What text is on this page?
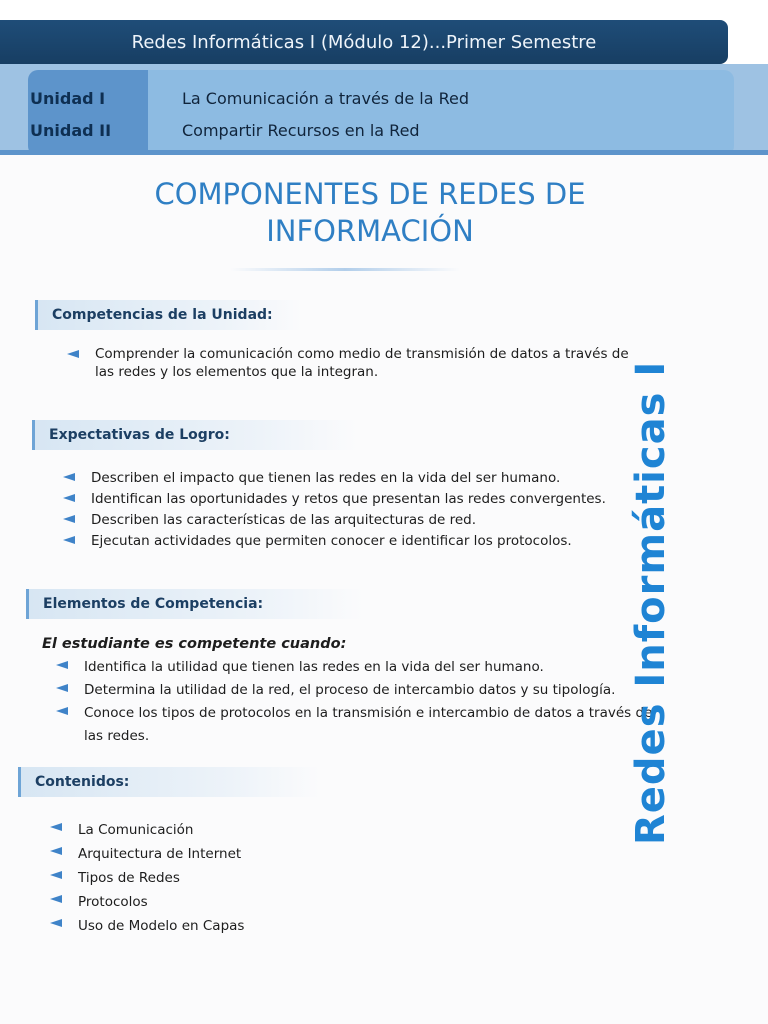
Redes Informáticas I (Módulo 12)...Primer Semestre
Unidad I
Unidad II
La Comunicación a través de la Red
Compartir Recursos en la Red
COMPONENTES DE REDES DE INFORMACIÓN
Competencias de la Unidad:
Comprender la comunicación como medio de transmisión de datos a través de las redes y los elementos que la integran.
Expectativas de Logro:
Describen el impacto que tienen las redes en la vida del ser humano.
Identifican las oportunidades y retos que presentan las redes convergentes.
Describen las características de las arquitecturas de red.
Ejecutan actividades que permiten conocer e identificar los protocolos.
Elementos de Competencia:
El estudiante es competente cuando:
Identifica la utilidad que tienen las redes en la vida del ser humano.
Determina la utilidad de la red, el proceso de intercambio datos y su tipología.
Conoce los tipos de protocolos en la transmisión e intercambio de datos a través de las redes.
Contenidos:
La Comunicación
Arquitectura de Internet
Tipos de Redes
Protocolos
Uso de Modelo en Capas
Redes Informáticas I
